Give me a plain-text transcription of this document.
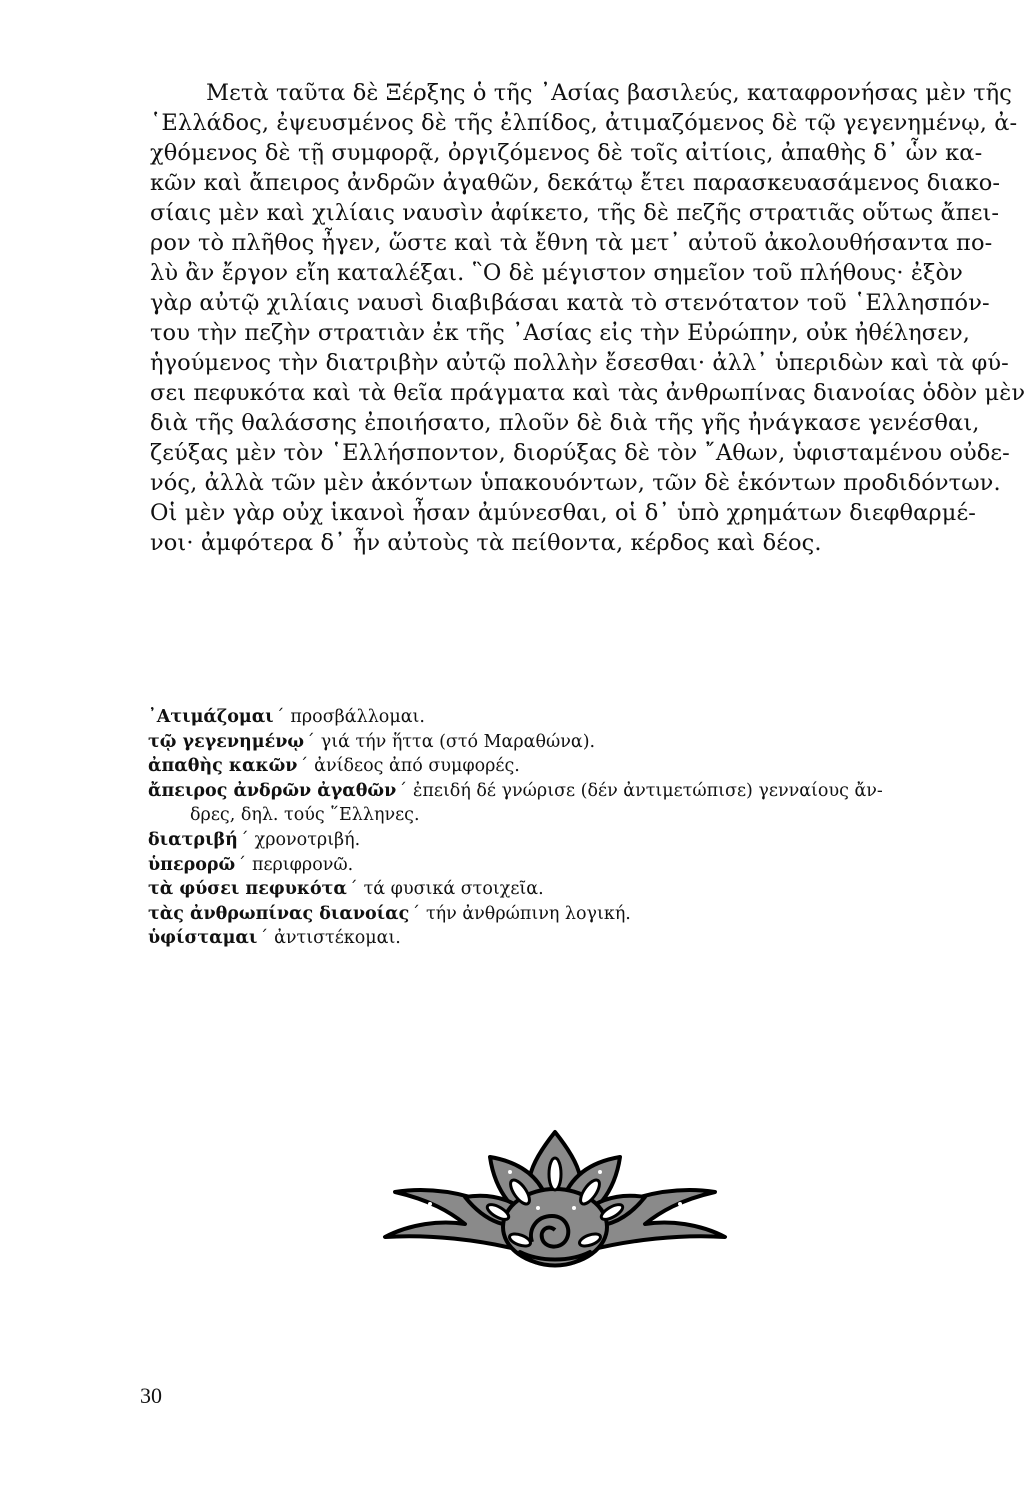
Μετὰ ταῦτα δὲ Ξέρξης ὁ τῆς ᾿Ασίας βασιλεύς, καταφρονήσας μὲν τῆς
῾Ελλάδος, ἐψευσμένος δὲ τῆς ἐλπίδος, ἀτιμαζόμενος δὲ τῷ γεγενημένῳ, ἀ-
χθόμενος δὲ τῇ συμφορᾷ, ὀργιζόμενος δὲ τοῖς αἰτίοις, ἀπαθὴς δ᾿ ὧν κα-
κῶν καὶ ἄπειρος ἀνδρῶν ἀγαθῶν, δεκάτῳ ἔτει παρασκευασάμενος διακο-
σίαις μὲν καὶ χιλίαις ναυσὶν ἀφίκετο, τῆς δὲ πεζῆς στρατιᾶς οὕτως ἄπει-
ρον τὸ πλῆθος ἦγεν, ὥστε καὶ τὰ ἔθνη τὰ μετ᾿ αὐτοῦ ἀκολουθήσαντα πο-
λὺ ἂν ἔργον εἴη καταλέξαι. ῝Ο δὲ μέγιστον σημεῖον τοῦ πλήθους· ἐξὸν
γὰρ αὐτῷ χιλίαις ναυσὶ διαβιβάσαι κατὰ τὸ στενότατον τοῦ ῾Ελλησπόν-
του τὴν πεζὴν στρατιὰν ἐκ τῆς ᾿Ασίας εἰς τὴν Εὐρώπην, οὐκ ἠθέλησεν,
ἡγούμενος τὴν διατριβὴν αὐτῷ πολλὴν ἔσεσθαι· ἀλλ᾿ ὑπεριδὼν καὶ τὰ φύ-
σει πεφυκότα καὶ τὰ θεῖα πράγματα καὶ τὰς ἀνθρωπίνας διανοίας ὁδὸν μὲν
διὰ τῆς θαλάσσης ἐποιήσατο, πλοῦν δὲ διὰ τῆς γῆς ἠνάγκασε γενέσθαι,
ζεύξας μὲν τὸν ῾Ελλήσποντον, διορύξας δὲ τὸν ῎Αθων, ὑφισταμένου οὐδε-
νός, ἀλλὰ τῶν μὲν ἀκόντων ὑπακουόντων, τῶν δὲ ἑκόντων προδιδόντων.
Οἱ μὲν γὰρ οὐχ ἱκανοὶ ἦσαν ἀμύνεσθαι, οἱ δ᾿ ὑπὸ χρημάτων διεφθαρμέ-
νοι· ἀμφότερα δ᾿ ἦν αὐτοὺς τὰ πείθοντα, κέρδος καὶ δέος.
᾿Ατιμάζομαι ΄ προσβάλλομαι.
τῷ γεγενημένῳ ΄ γιά τήν ἥττα (στό Μαραθώνα).
ἀπαθὴς κακῶν ΄ ἀνίδεος ἀπό συμφορές.
ἄπειρος ἀνδρῶν ἀγαθῶν ΄ ἐπειδή δέ γνώρισε (δέν ἀντιμετώπισε) γενναίους ἄν-
δρες, δηλ. τούς ῞Ελληνες.
διατριβή ΄ χρονοτριβή.
ὑπερορῶ ΄ περιφρονῶ.
τὰ φύσει πεφυκότα ΄ τά φυσικά στοιχεῖα.
τὰς ἀνθρωπίνας διανοίας ΄ τήν ἀνθρώπινη λογική.
ὑφίσταμαι ΄ ἀντιστέκομαι.
30
